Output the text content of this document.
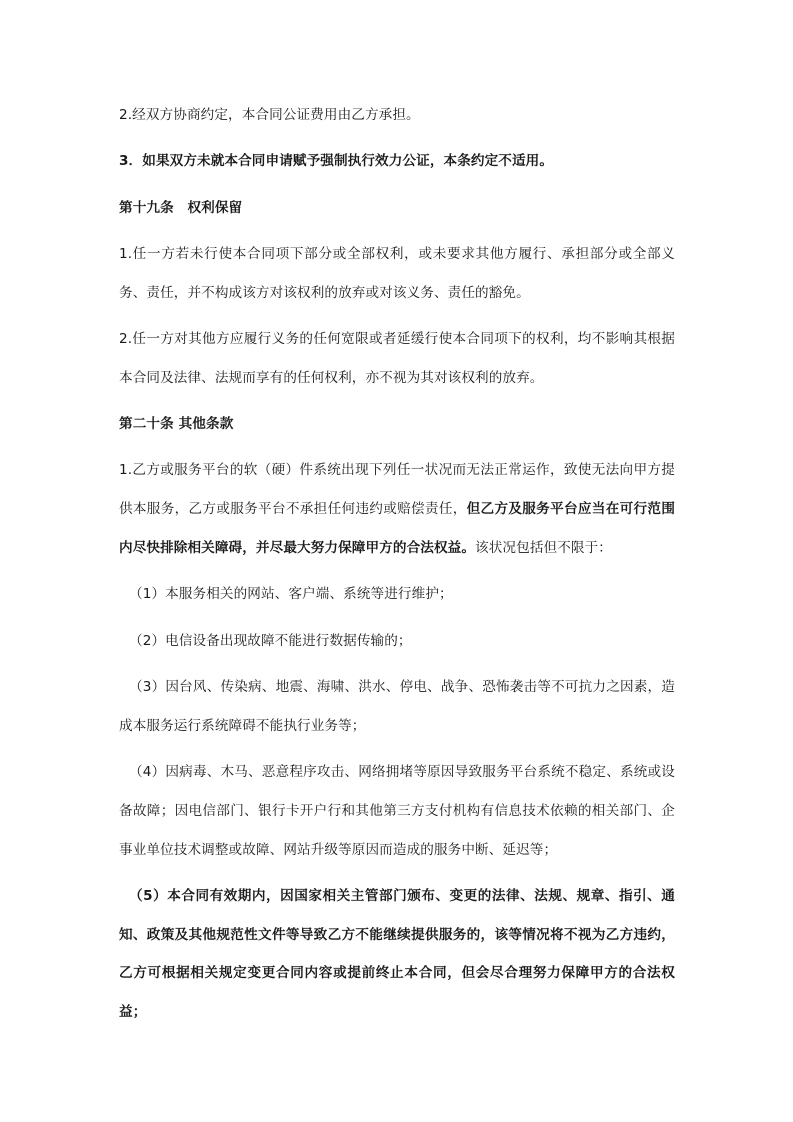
2.经双方协商约定，本合同公证费用由乙方承担。

3．如果双方未就本合同申请赋予强制执行效力公证，本条约定不适用。

第十九条　权利保留

1.任一方若未行使本合同项下部分或全部权利，或未要求其他方履行、承担部分或全部义务、责任，并不构成该方对该权利的放弃或对该义务、责任的豁免。

2.任一方对其他方应履行义务的任何宽限或者延缓行使本合同项下的权利，均不影响其根据本合同及法律、法规而享有的任何权利，亦不视为其对该权利的放弃。

第二十条 其他条款

1.乙方或服务平台的软（硬）件系统出现下列任一状况而无法正常运作，致使无法向甲方提供本服务，乙方或服务平台不承担任何违约或赔偿责任，但乙方及服务平台应当在可行范围内尽快排除相关障碍，并尽最大努力保障甲方的合法权益。该状况包括但不限于：

（1）本服务相关的网站、客户端、系统等进行维护；

（2）电信设备出现故障不能进行数据传输的；

（3）因台风、传染病、地震、海啸、洪水、停电、战争、恐怖袭击等不可抗力之因素，造成本服务运行系统障碍不能执行业务等；

（4）因病毒、木马、恶意程序攻击、网络拥堵等原因导致服务平台系统不稳定、系统或设备故障；因电信部门、银行卡开户行和其他第三方支付机构有信息技术依赖的相关部门、企事业单位技术调整或故障、网站升级等原因而造成的服务中断、延迟等；

（5）本合同有效期内，因国家相关主管部门颁布、变更的法律、法规、规章、指引、通知、政策及其他规范性文件等导致乙方不能继续提供服务的，该等情况将不视为乙方违约，乙方可根据相关规定变更合同内容或提前终止本合同，但会尽合理努力保障甲方的合法权益；
